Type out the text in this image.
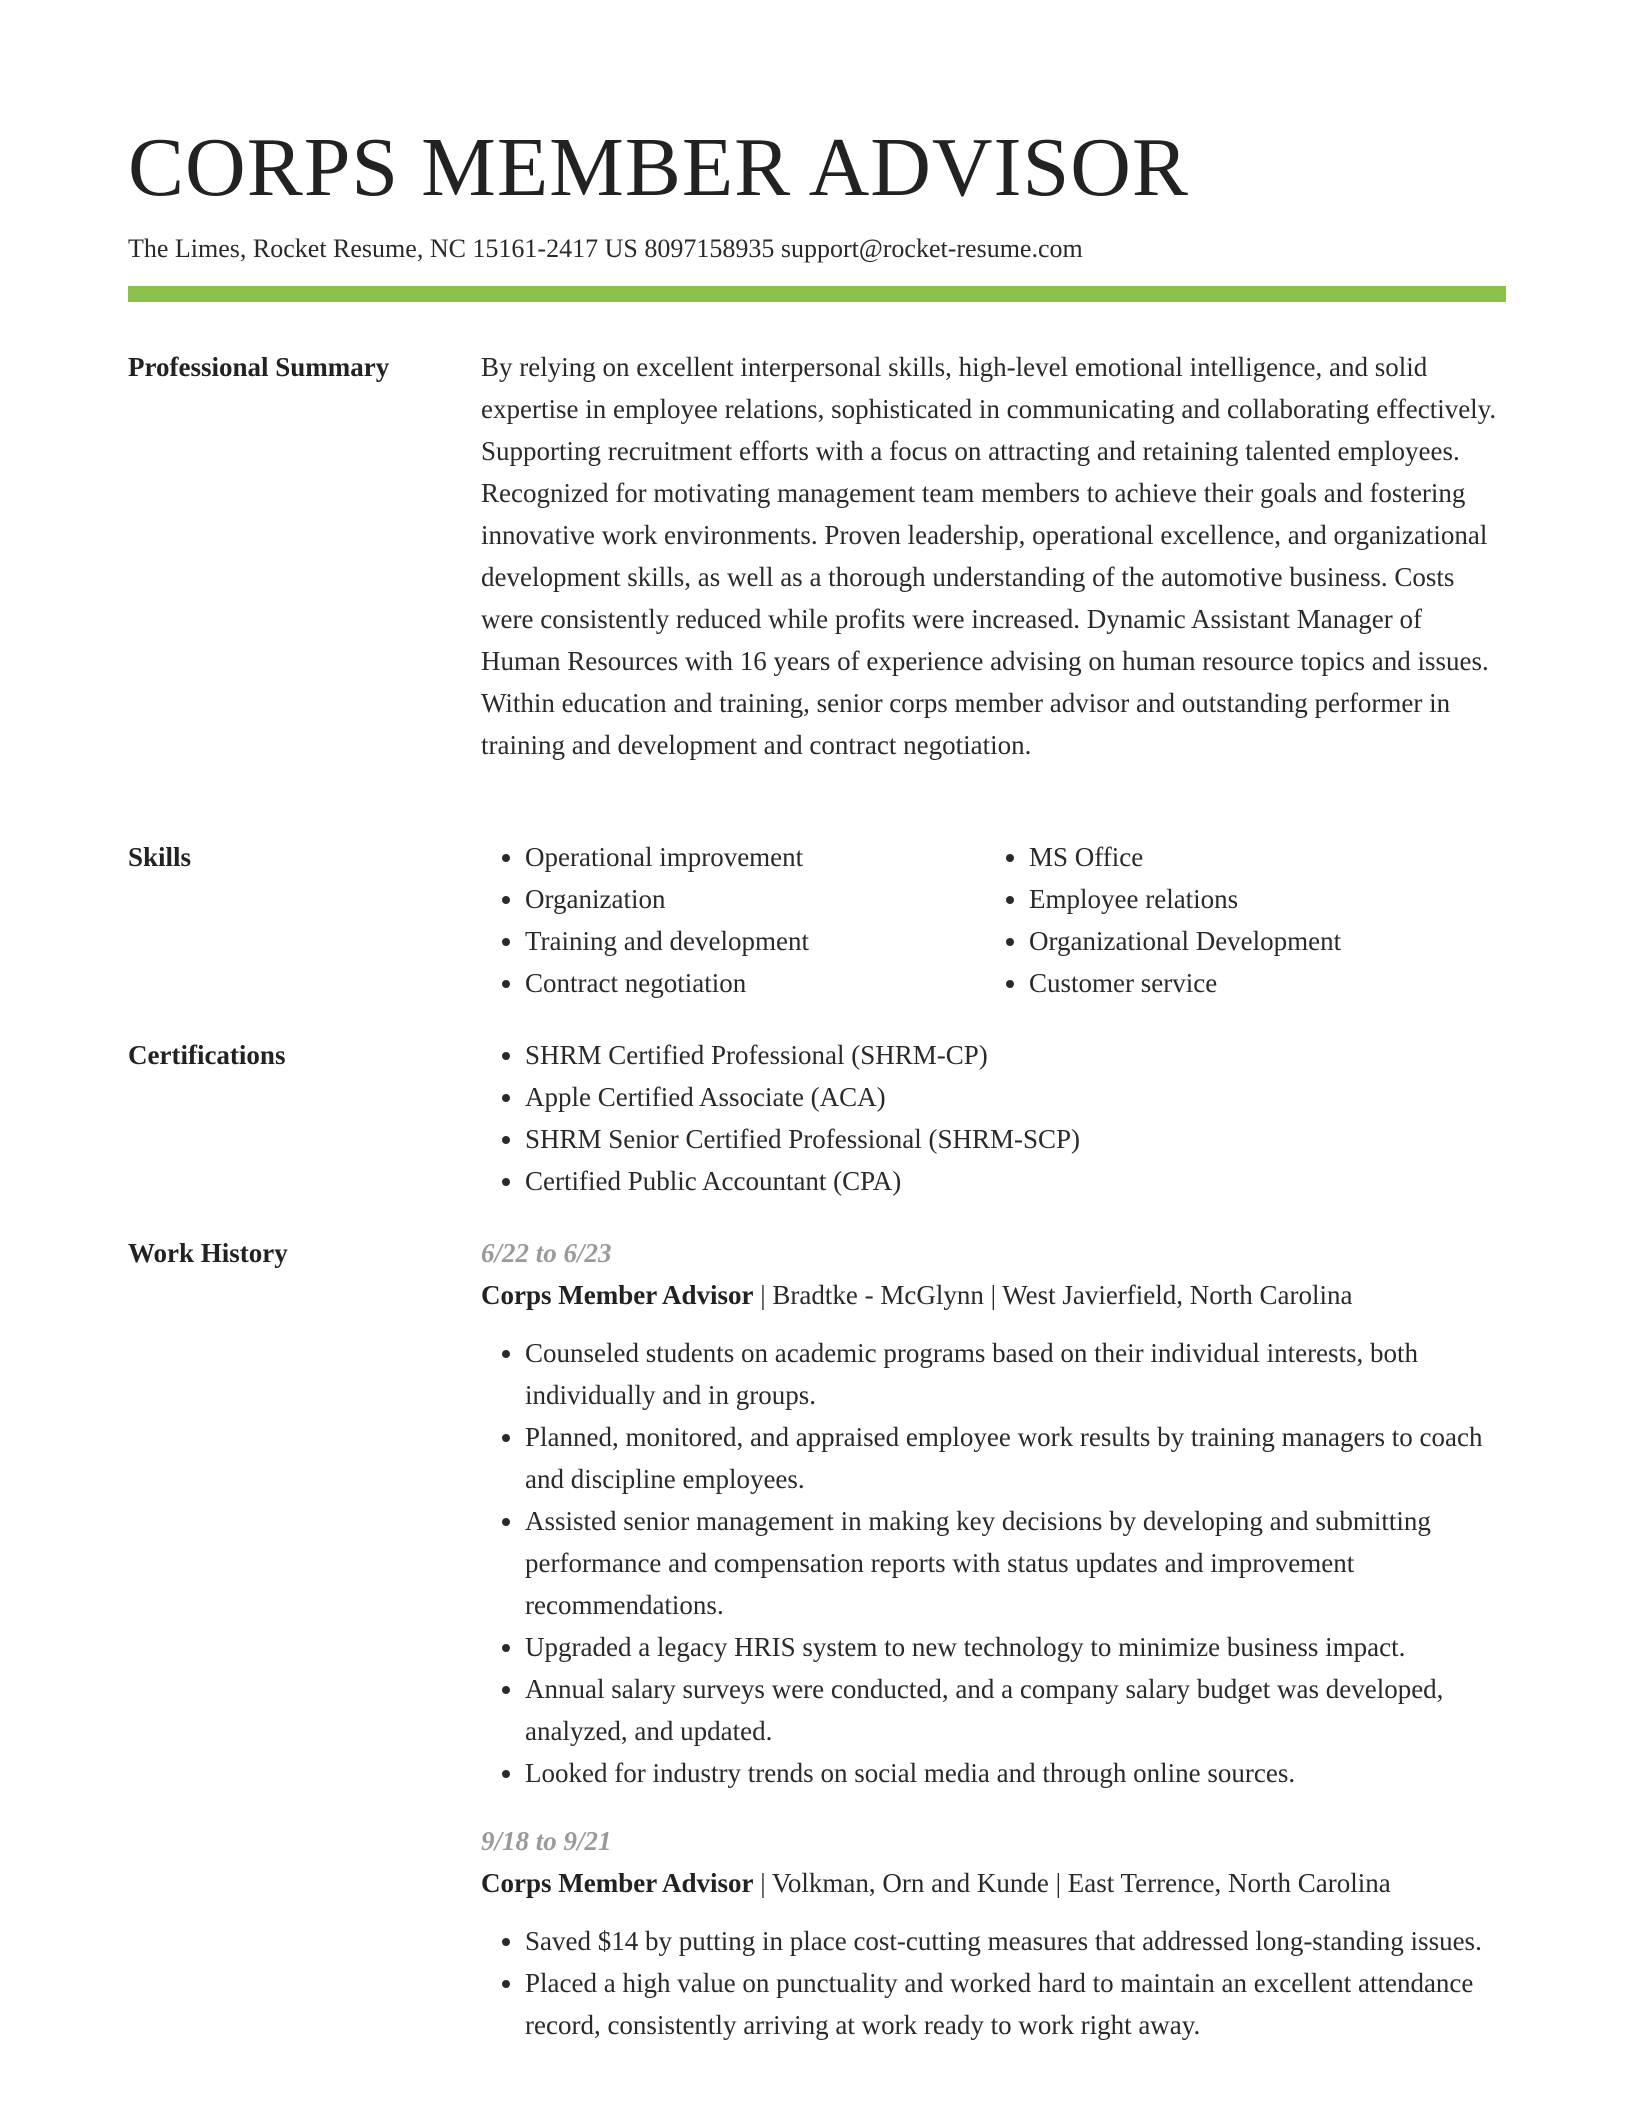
CORPS MEMBER ADVISOR
The Limes, Rocket Resume, NC 15161-2417 US 8097158935 support@rocket-resume.com
Professional Summary	By relying on excellent interpersonal skills, high-level emotional intelligence, and solid expertise in employee relations, sophisticated in communicating and collaborating effectively. Supporting recruitment efforts with a focus on attracting and retaining talented employees. Recognized for motivating management team members to achieve their goals and fostering innovative work environments. Proven leadership, operational excellence, and organizational development skills, as well as a thorough understanding of the automotive business. Costs were consistently reduced while profits were increased. Dynamic Assistant Manager of Human Resources with 16 years of experience advising on human resource topics and issues. Within education and training, senior corps member advisor and outstanding performer in training and development and contract negotiation.

Skills	• Operational improvement
• Organization
• Training and development
• Contract negotiation
• MS Office
• Employee relations
• Organizational Development
• Customer service
Certifications	• SHRM Certified Professional (SHRM-CP)
• Apple Certified Associate (ACA)
• SHRM Senior Certified Professional (SHRM-SCP)
• Certified Public Accountant (CPA)
Work History	6/22 to 6/23
Corps Member Advisor | Bradtke - McGlynn | West Javierfield, North Carolina
• Counseled students on academic programs based on their individual interests, both individually and in groups.
• Planned, monitored, and appraised employee work results by training managers to coach and discipline employees.
• Assisted senior management in making key decisions by developing and submitting performance and compensation reports with status updates and improvement recommendations.
• Upgraded a legacy HRIS system to new technology to minimize business impact.
• Annual salary surveys were conducted, and a company salary budget was developed, analyzed, and updated.
• Looked for industry trends on social media and through online sources.
9/18 to 9/21
Corps Member Advisor | Volkman, Orn and Kunde | East Terrence, North Carolina
• Saved $14 by putting in place cost-cutting measures that addressed long-standing issues.
• Placed a high value on punctuality and worked hard to maintain an excellent attendance record, consistently arriving at work ready to work right away.
